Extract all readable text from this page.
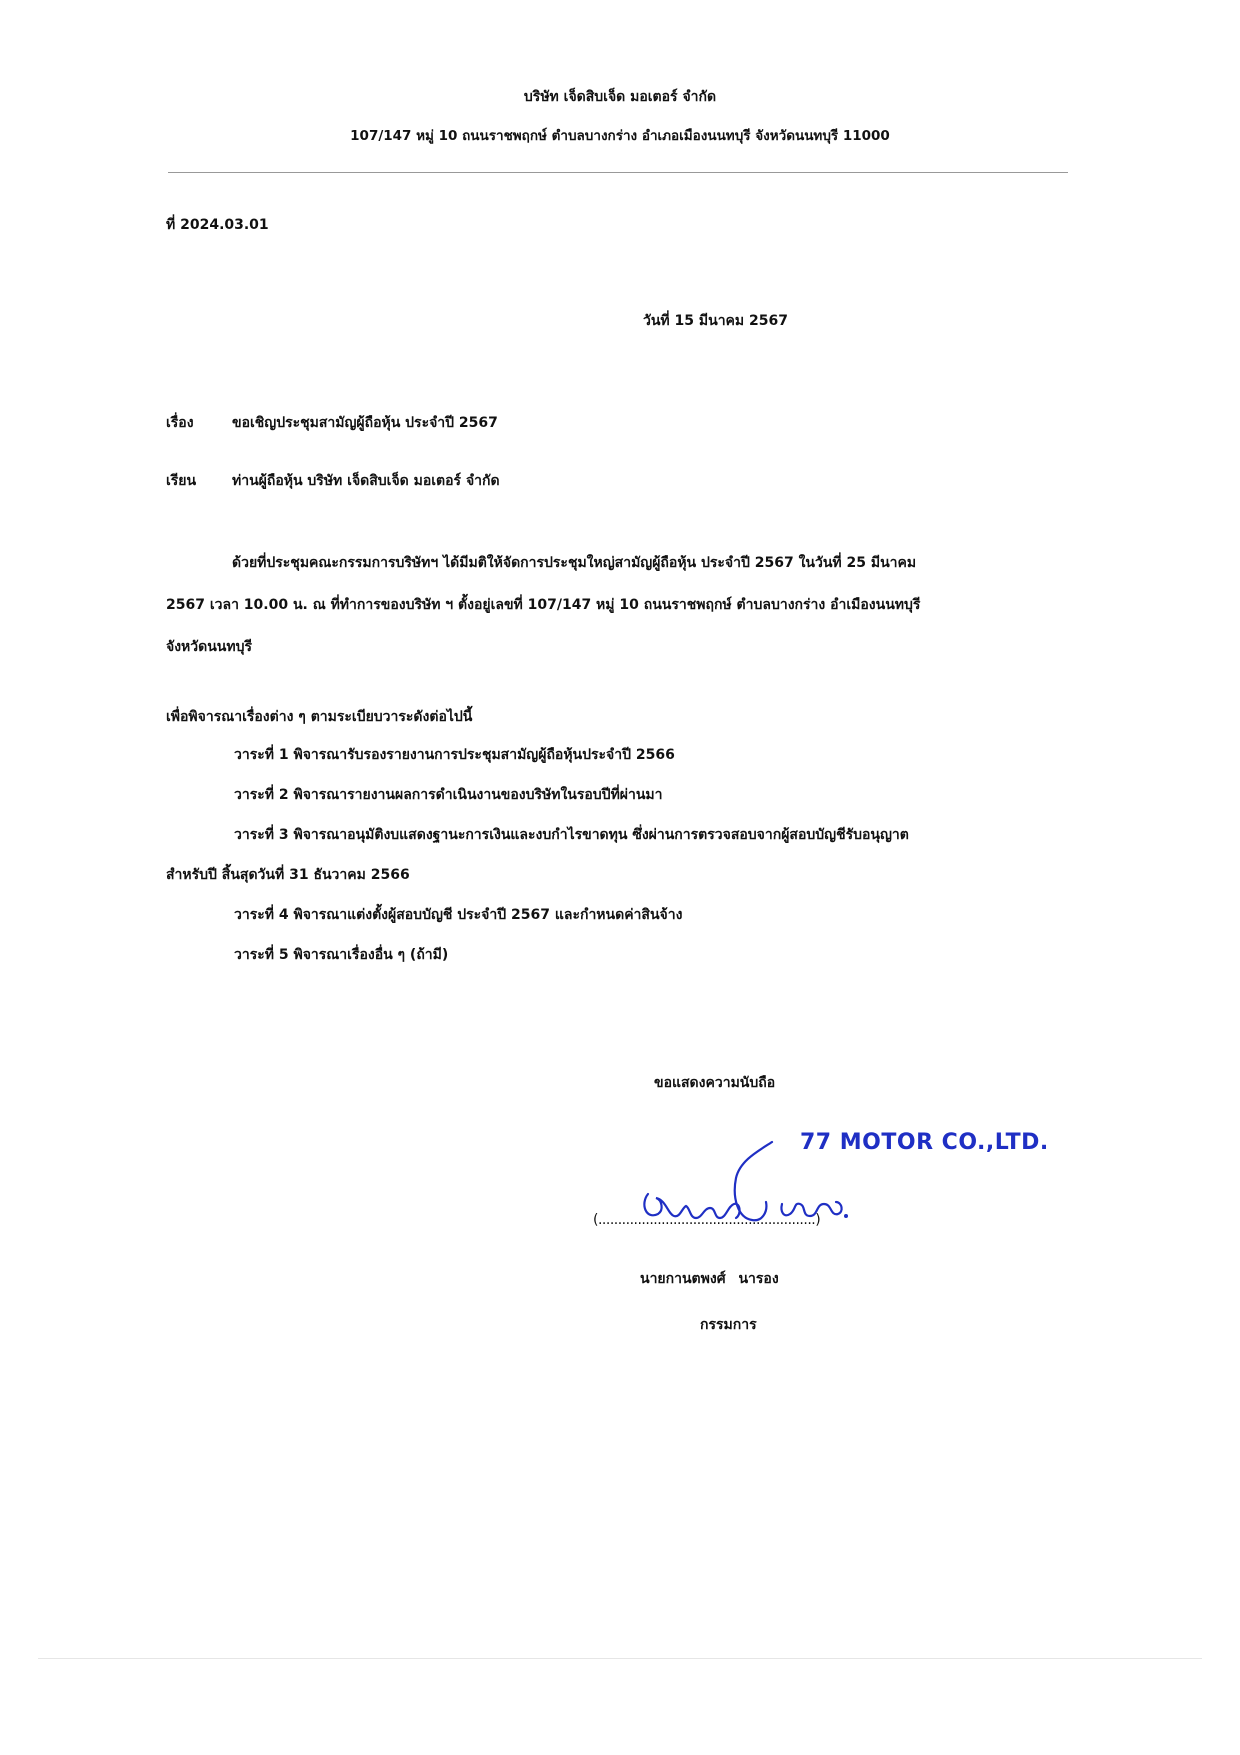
บริษัท เจ็ดสิบเจ็ด มอเตอร์ จำกัด
107/147 หมู่ 10 ถนนราชพฤกษ์ ตำบลบางกร่าง อำเภอเมืองนนทบุรี จังหวัดนนทบุรี 11000
ที่ 2024.03.01
วันที่ 15 มีนาคม 2567
เรื่อง	ขอเชิญประชุมสามัญผู้ถือหุ้น ประจำปี 2567
เรียน	ท่านผู้ถือหุ้น บริษัท เจ็ดสิบเจ็ด มอเตอร์ จำกัด
ด้วยที่ประชุมคณะกรรมการบริษัทฯ ได้มีมติให้จัดการประชุมใหญ่สามัญผู้ถือหุ้น ประจำปี 2567 ในวันที่ 25 มีนาคม
2567 เวลา 10.00 น. ณ ที่ทำการของบริษัท ฯ ตั้งอยู่เลขที่ 107/147 หมู่ 10 ถนนราชพฤกษ์ ตำบลบางกร่าง อำเมืองนนทบุรี
จังหวัดนนทบุรี
เพื่อพิจารณาเรื่องต่าง ๆ ตามระเบียบวาระดังต่อไปนี้
วาระที่ 1 พิจารณารับรองรายงานการประชุมสามัญผู้ถือหุ้นประจำปี 2566
วาระที่ 2 พิจารณารายงานผลการดำเนินงานของบริษัทในรอบปีที่ผ่านมา
วาระที่ 3 พิจารณาอนุมัติงบแสดงฐานะการเงินและงบกำไรขาดทุน ซึ่งผ่านการตรวจสอบจากผู้สอบบัญชีรับอนุญาต
สำหรับปี สิ้นสุดวันที่ 31 ธันวาคม 2566
วาระที่ 4 พิจารณาแต่งตั้งผู้สอบบัญชี ประจำปี 2567 และกำหนดค่าสินจ้าง
วาระที่ 5 พิจารณาเรื่องอื่น ๆ (ถ้ามี)
ขอแสดงความนับถือ
77 MOTOR CO.,LTD.
(.......................................................)
นายกานตพงศ์ นารอง
กรรมการ
